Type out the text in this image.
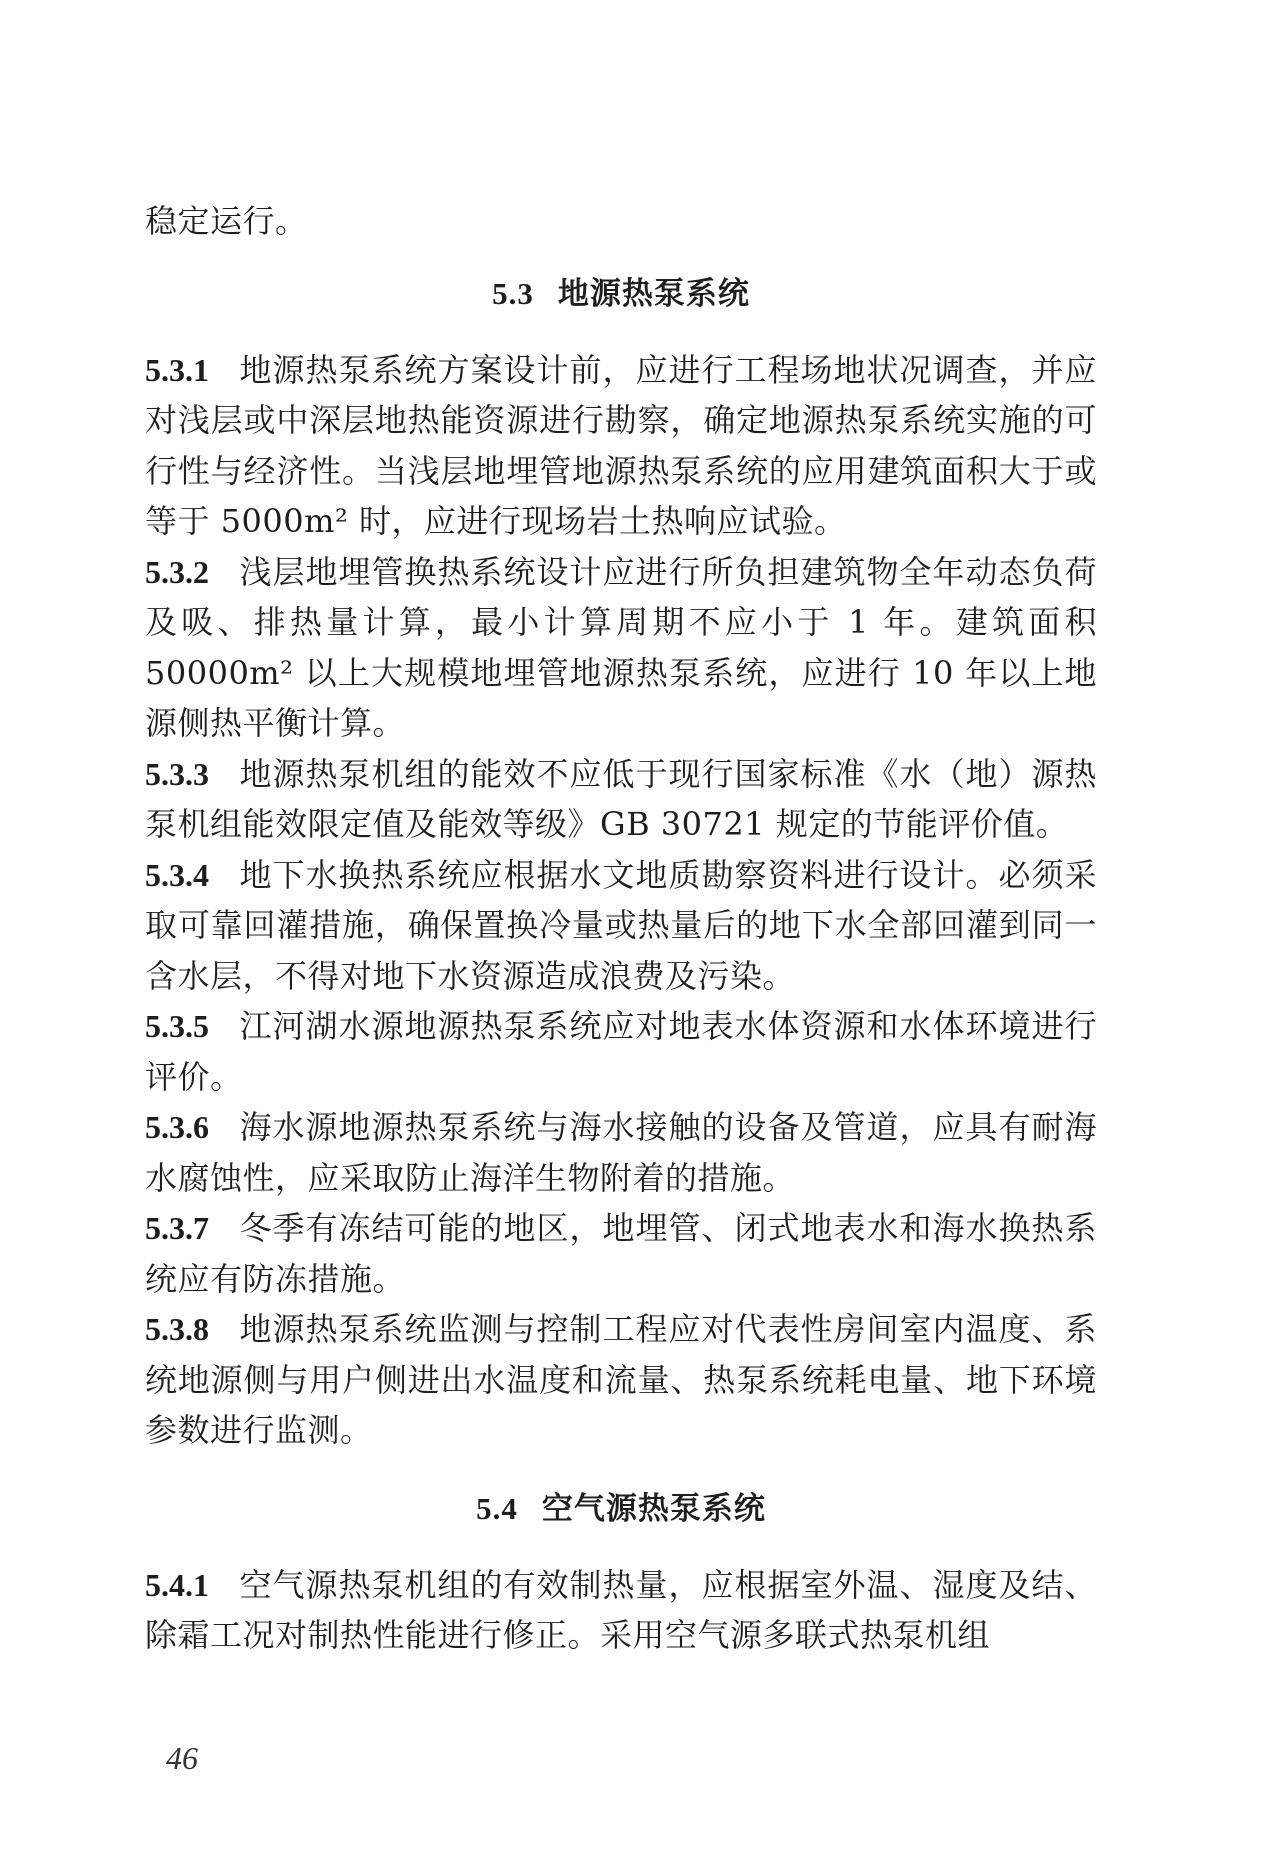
稳定运行。

5.3 地源热泵系统

5.3.1 地源热泵系统方案设计前，应进行工程场地状况调查，并应对浅层或中深层地热能资源进行勘察，确定地源热泵系统实施的可行性与经济性。当浅层地埋管地源热泵系统的应用建筑面积大于或等于 5000m² 时，应进行现场岩土热响应试验。

5.3.2 浅层地埋管换热系统设计应进行所负担建筑物全年动态负荷及吸、排热量计算，最小计算周期不应小于 1 年。建筑面积 50000m² 以上大规模地埋管地源热泵系统，应进行 10 年以上地源侧热平衡计算。

5.3.3 地源热泵机组的能效不应低于现行国家标准《水（地）源热泵机组能效限定值及能效等级》GB 30721 规定的节能评价值。

5.3.4 地下水换热系统应根据水文地质勘察资料进行设计。必须采取可靠回灌措施，确保置换冷量或热量后的地下水全部回灌到同一含水层，不得对地下水资源造成浪费及污染。

5.3.5 江河湖水源地源热泵系统应对地表水体资源和水体环境进行评价。

5.3.6 海水源地源热泵系统与海水接触的设备及管道，应具有耐海水腐蚀性，应采取防止海洋生物附着的措施。

5.3.7 冬季有冻结可能的地区，地埋管、闭式地表水和海水换热系统应有防冻措施。

5.3.8 地源热泵系统监测与控制工程应对代表性房间室内温度、系统地源侧与用户侧进出水温度和流量、热泵系统耗电量、地下环境参数进行监测。

5.4 空气源热泵系统

5.4.1 空气源热泵机组的有效制热量，应根据室外温、湿度及结、除霜工况对制热性能进行修正。采用空气源多联式热泵机组

46
